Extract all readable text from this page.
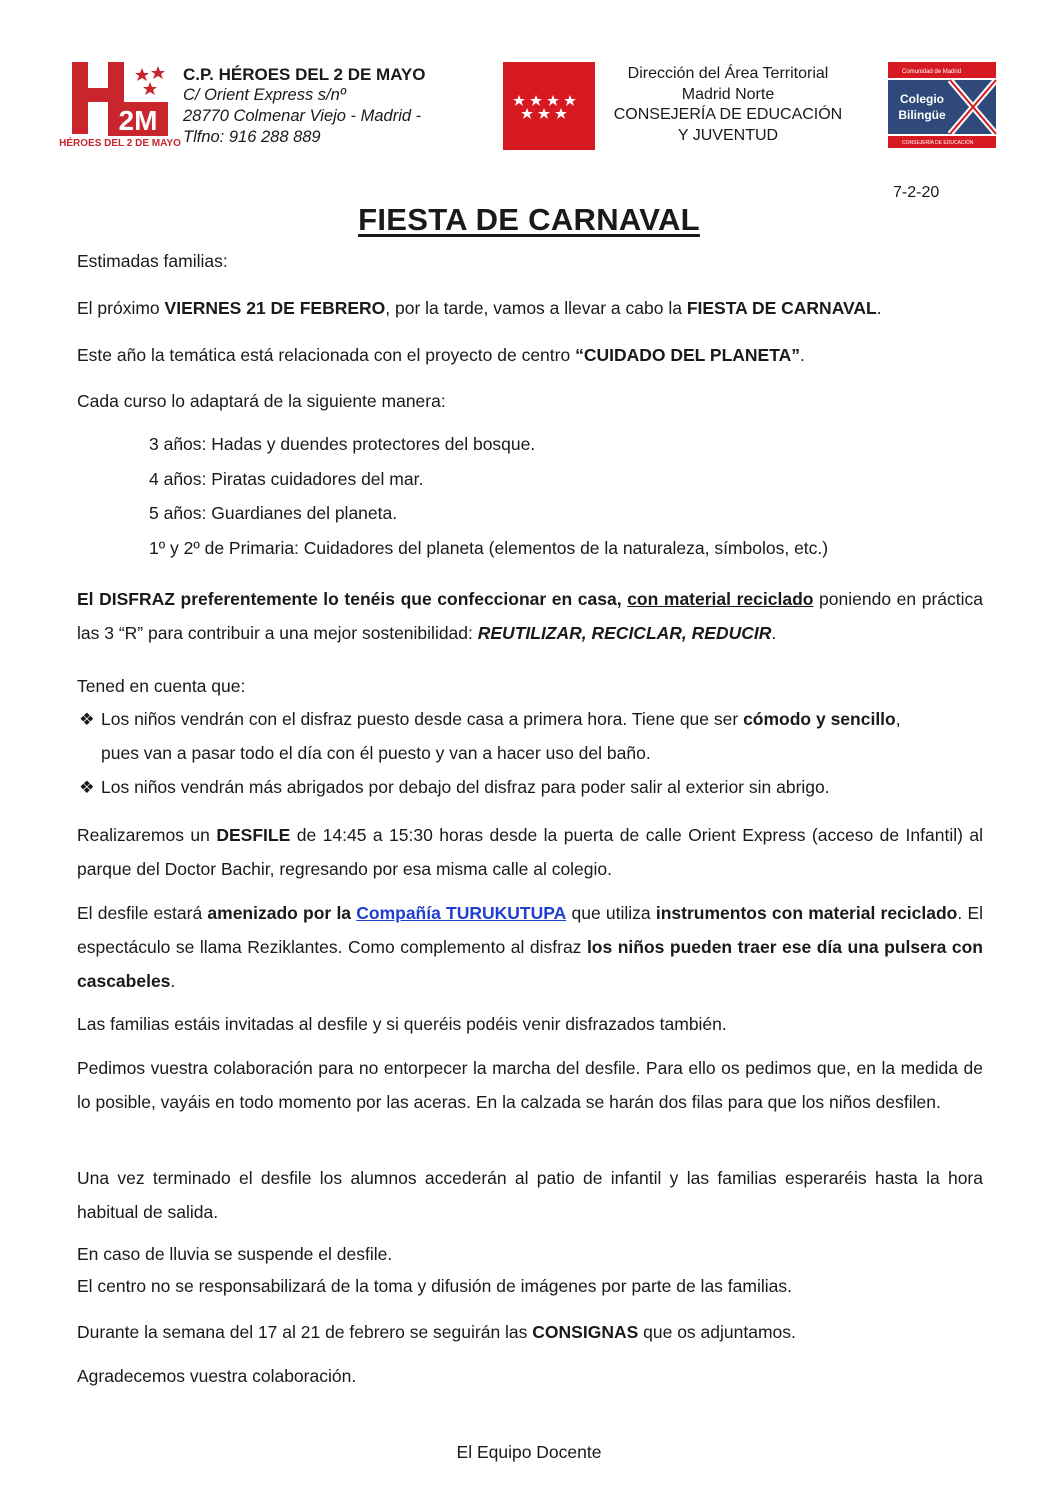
2M
HÉROES DEL 2 DE MAYO
C.P. HÉROES DEL 2 DE MAYO
C/ Orient Express s/nº
28770 Colmenar Viejo - Madrid -
Tlfno: 916 288 889
Dirección del Área Territorial
Madrid Norte
CONSEJERÍA DE EDUCACIÓN
Y JUVENTUD
Comunidad de Madrid
Colegio
Bilingüe
CONSEJERÍA DE EDUCACIÓN
7-2-20
FIESTA DE CARNAVAL
Estimadas familias:
El próximo VIERNES 21 DE FEBRERO, por la tarde, vamos a llevar a cabo la FIESTA DE CARNAVAL.
Este año la temática está relacionada con el proyecto de centro “CUIDADO DEL PLANETA”.
Cada curso lo adaptará de la siguiente manera:
3 años: Hadas y duendes protectores del bosque.
4 años: Piratas cuidadores del mar.
5 años: Guardianes del planeta.
1º y 2º de Primaria: Cuidadores del planeta (elementos de la naturaleza, símbolos, etc.)
El DISFRAZ preferentemente lo tenéis que confeccionar en casa, con material reciclado poniendo en práctica las 3 “R” para contribuir a una mejor sostenibilidad: REUTILIZAR, RECICLAR, REDUCIR.
Tened en cuenta que:
❖ Los niños vendrán con el disfraz puesto desde casa a primera hora. Tiene que ser cómodo y sencillo,
pues van a pasar todo el día con él puesto y van a hacer uso del baño.
❖ Los niños vendrán más abrigados por debajo del disfraz para poder salir al exterior sin abrigo.
Realizaremos un DESFILE de 14:45 a 15:30 horas desde la puerta de calle Orient Express (acceso de Infantil) al parque del Doctor Bachir, regresando por esa misma calle al colegio.
El desfile estará amenizado por la Compañía TURUKUTUPA que utiliza instrumentos con material reciclado. El espectáculo se llama Reziklantes. Como complemento al disfraz los niños pueden traer ese día una pulsera con cascabeles.
Las familias estáis invitadas al desfile y si queréis podéis venir disfrazados también.
Pedimos vuestra colaboración para no entorpecer la marcha del desfile. Para ello os pedimos que, en la medida de lo posible, vayáis en todo momento por las aceras. En la calzada se harán dos filas para que los niños desfilen.
Una vez terminado el desfile los alumnos accederán al patio de infantil y las familias esperaréis hasta la hora habitual de salida.
En caso de lluvia se suspende el desfile.
El centro no se responsabilizará de la toma y difusión de imágenes por parte de las familias.
Durante la semana del 17 al 21 de febrero se seguirán las CONSIGNAS que os adjuntamos.
Agradecemos vuestra colaboración.
El Equipo Docente
